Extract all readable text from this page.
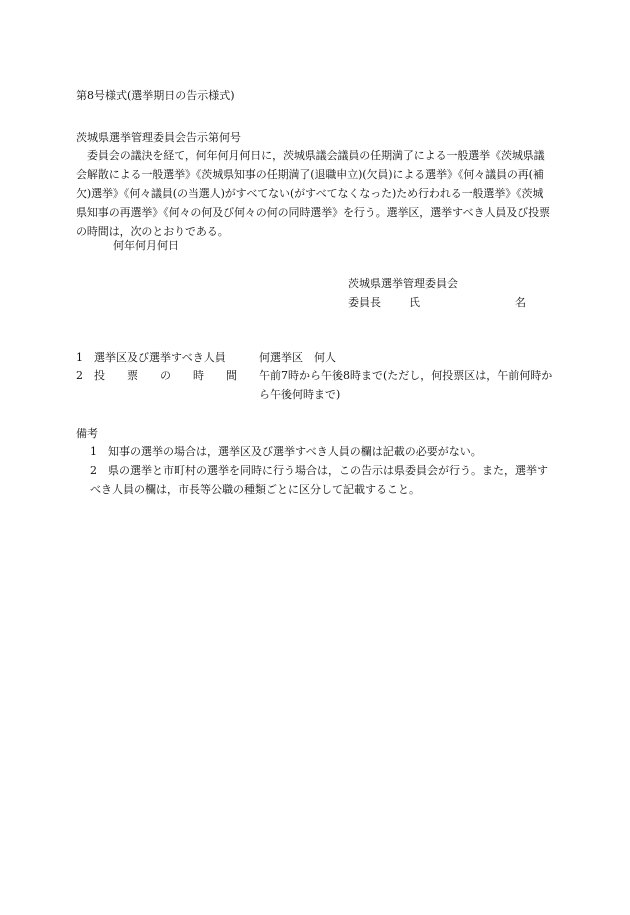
第8号様式(選挙期日の告示様式)
茨城県選挙管理委員会告示第何号
委員会の議決を経て，何年何月何日に，茨城県議会議員の任期満了による一般選挙《茨城県議会解散による一般選挙》《茨城県知事の任期満了(退職申立)(欠員)による選挙》《何々議員の再(補欠)選挙》《何々議員(の当選人)がすべてない(がすべてなくなった)ため行われる一般選挙》《茨城県知事の再選挙》《何々の何及び何々の何の同時選挙》を行う。選挙区，選挙すべき人員及び投票の時間は，次のとおりである。
何年何月何日
茨城県選挙管理委員会
委員長	氏	名
1　選挙区及び選挙すべき人員	何選挙区　何人
2　投　　票　　の　　時　　間 午前7時から午後8時まで(ただし，何投票区は，午前何時から午後何時まで)
備考
1　知事の選挙の場合は，選挙区及び選挙すべき人員の欄は記載の必要がない。
2　県の選挙と市町村の選挙を同時に行う場合は，この告示は県委員会が行う。また，選挙すべき人員の欄は，市長等公職の種類ごとに区分して記載すること。
